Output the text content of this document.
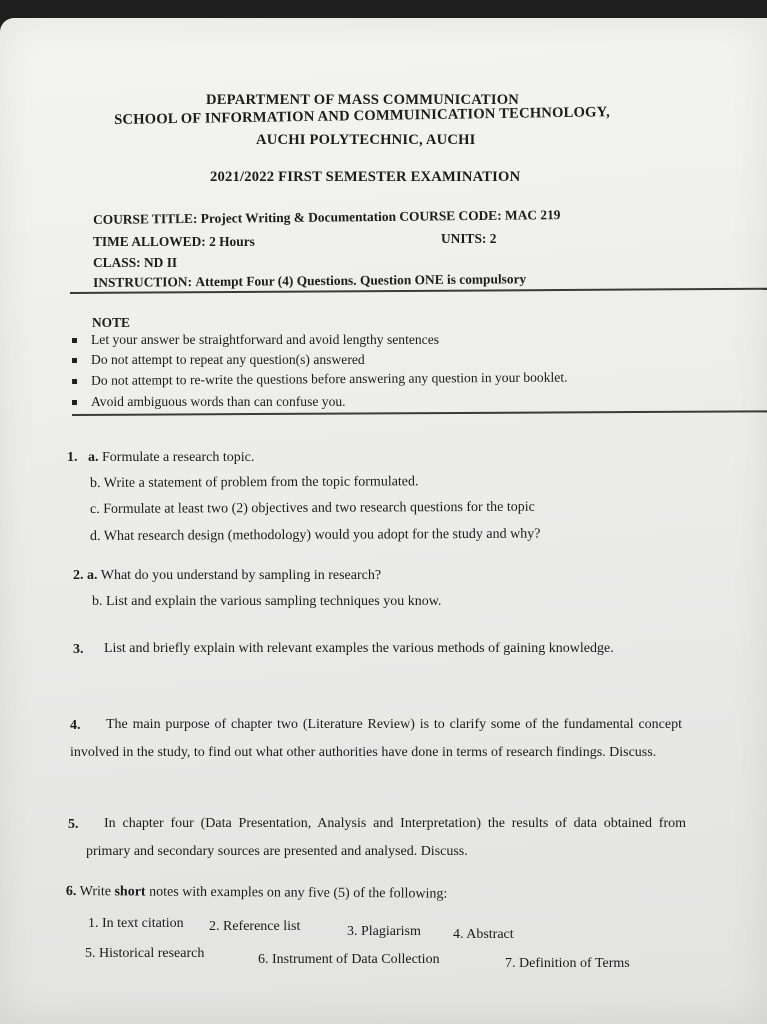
DEPARTMENT OF MASS COMMUNICATION
SCHOOL OF INFORMATION AND COMMUINICATION TECHNOLOGY,
AUCHI POLYTECHNIC, AUCHI
2021/2022 FIRST SEMESTER EXAMINATION
COURSE TITLE: Project Writing & Documentation COURSE CODE: MAC 219
TIME ALLOWED: 2 Hours	UNITS: 2
CLASS: ND II
INSTRUCTION: Attempt Four (4) Questions. Question ONE is compulsory
NOTE
Let your answer be straightforward and avoid lengthy sentences
Do not attempt to repeat any question(s) answered
Do not attempt to re-write the questions before answering any question in your booklet.
Avoid ambiguous words than can confuse you.
1. a. Formulate a research topic.
b. Write a statement of problem from the topic formulated.
c. Formulate at least two (2) objectives and two research questions for the topic
d. What research design (methodology) would you adopt for the study and why?
2. a. What do you understand by sampling in research?
b. List and explain the various sampling techniques you know.
3.	List and briefly explain with relevant examples the various methods of gaining knowledge.
4.	The main purpose of chapter two (Literature Review) is to clarify some of the fundamental concept involved in the study, to find out what other authorities have done in terms of research findings. Discuss.
5.	In chapter four (Data Presentation, Analysis and Interpretation) the results of data obtained from primary and secondary sources are presented and analysed. Discuss.
6. Write short notes with examples on any five (5) of the following:
1. In text citation 2. Reference list	3. Plagiarism 4. Abstract
5. Historical research	6. Instrument of Data Collection	7. Definition of Terms
